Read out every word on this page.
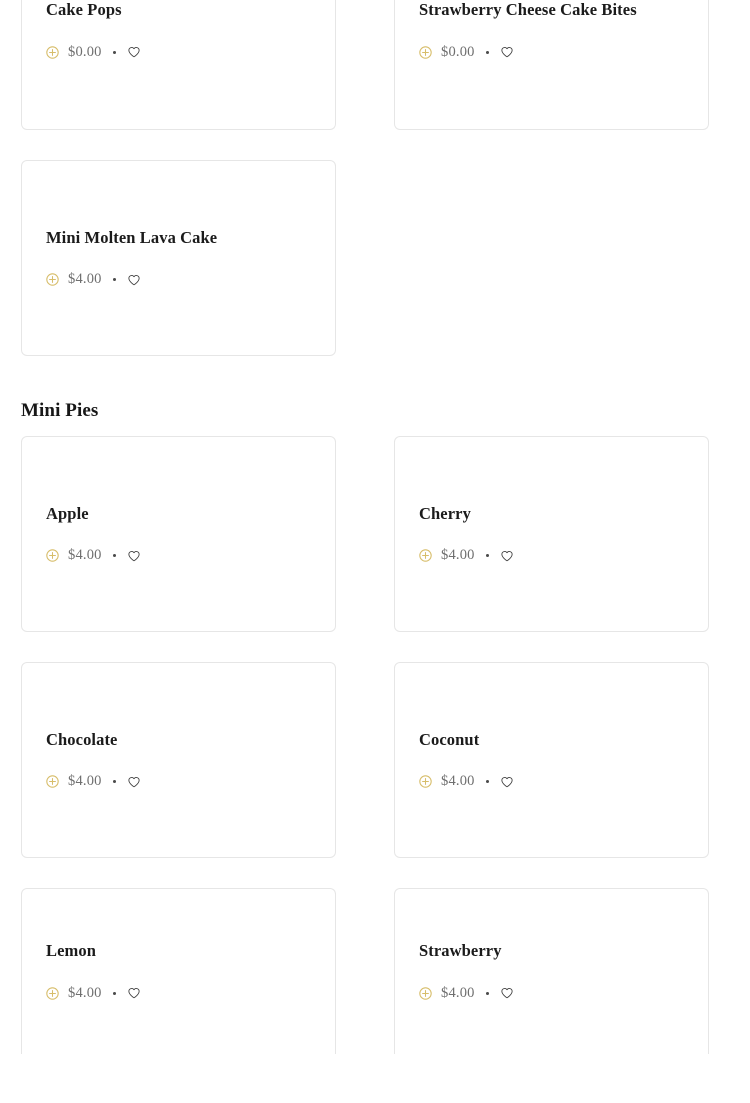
Cake Pops
$0.00
Strawberry Cheese Cake Bites
$0.00
Mini Molten Lava Cake
$4.00
Mini Pies
Apple
$4.00
Cherry
$4.00
Chocolate
$4.00
Coconut
$4.00
Lemon
$4.00
Strawberry
$4.00
